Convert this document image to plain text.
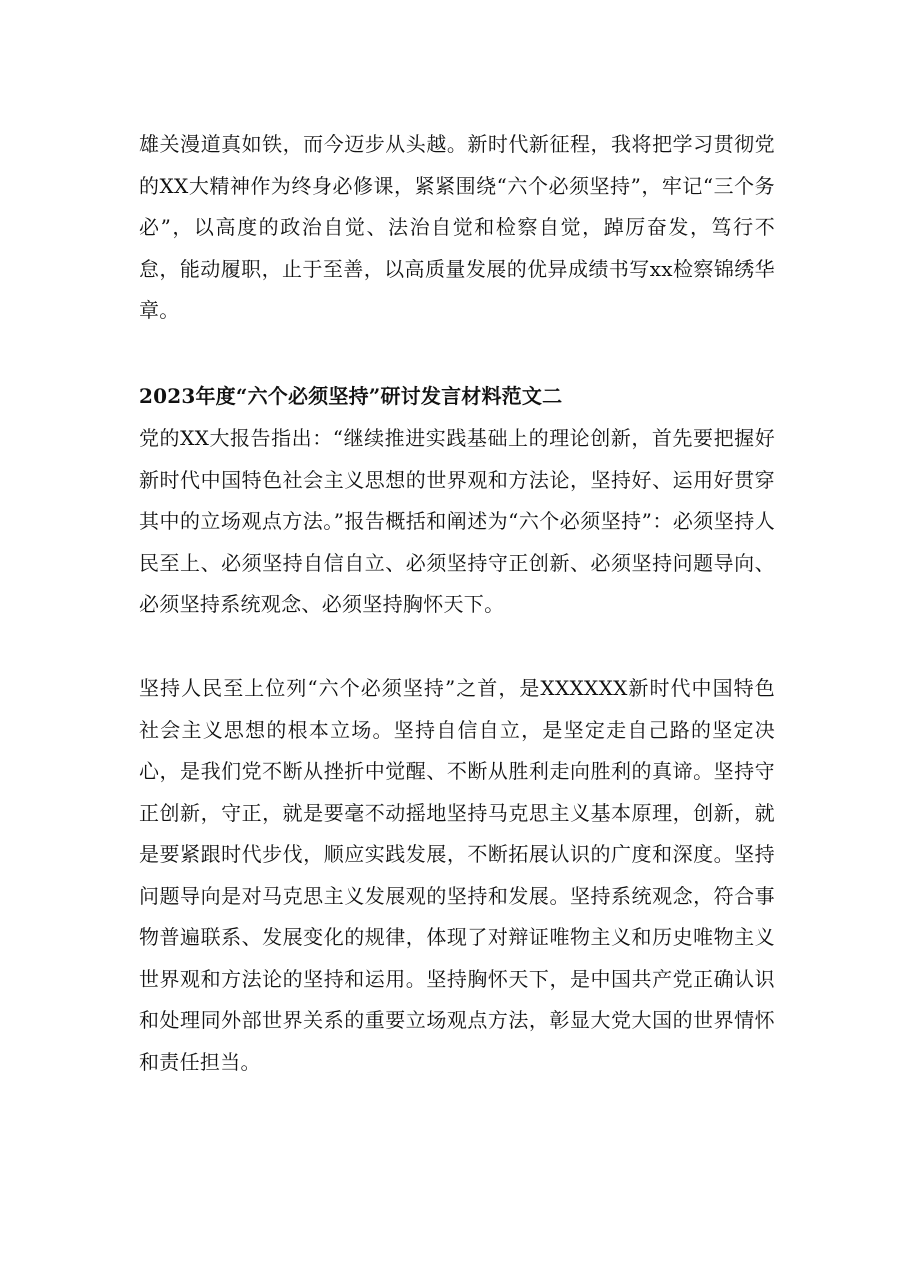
雄关漫道真如铁，而今迈步从头越。新时代新征程，我将把学习贯彻党的XX大精神作为终身必修课，紧紧围绕“六个必须坚持”，牢记“三个务必”，以高度的政治自觉、法治自觉和检察自觉，踔厉奋发，笃行不怠，能动履职，止于至善，以高质量发展的优异成绩书写xx检察锦绣华章。

2023年度“六个必须坚持”研讨发言材料范文二

党的XX大报告指出：“继续推进实践基础上的理论创新，首先要把握好新时代中国特色社会主义思想的世界观和方法论，坚持好、运用好贯穿其中的立场观点方法。”报告概括和阐述为“六个必须坚持”：必须坚持人民至上、必须坚持自信自立、必须坚持守正创新、必须坚持问题导向、必须坚持系统观念、必须坚持胸怀天下。

坚持人民至上位列“六个必须坚持”之首，是XXXXXX新时代中国特色社会主义思想的根本立场。坚持自信自立，是坚定走自己路的坚定决心，是我们党不断从挫折中觉醒、不断从胜利走向胜利的真谛。坚持守正创新，守正，就是要毫不动摇地坚持马克思主义基本原理，创新，就是要紧跟时代步伐，顺应实践发展，不断拓展认识的广度和深度。坚持问题导向是对马克思主义发展观的坚持和发展。坚持系统观念，符合事物普遍联系、发展变化的规律，体现了对辩证唯物主义和历史唯物主义世界观和方法论的坚持和运用。坚持胸怀天下，是中国共产党正确认识和处理同外部世界关系的重要立场观点方法，彰显大党大国的世界情怀和责任担当。
